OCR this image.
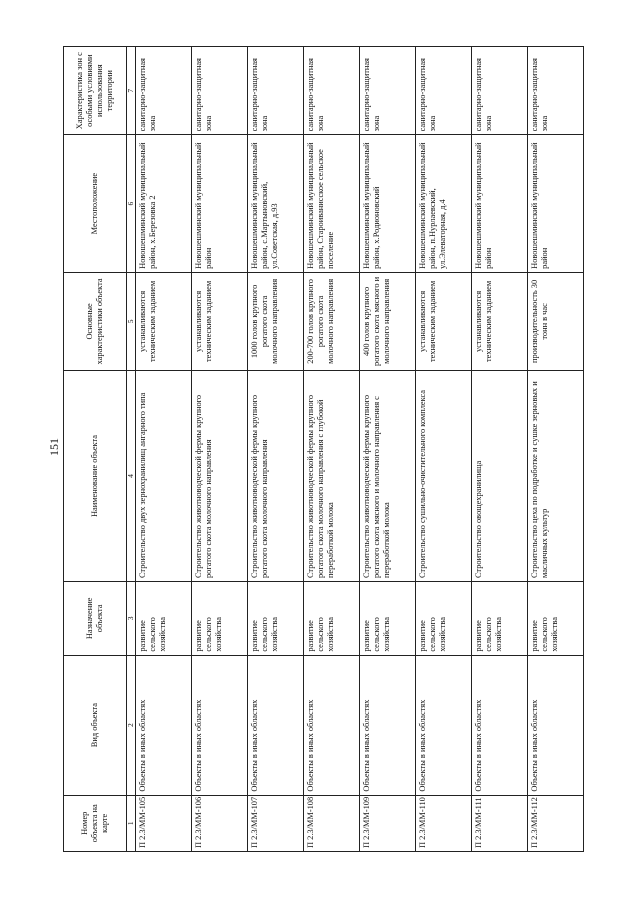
151
Номер объекта на карте	Вид объекта	Назначение объекта	Наименование объекта	Основные характеристики объекта	Местоположение	Характеристика зон с особыми условиями использования территории
1	2	3	4	5	6	7
П 2.3/ММ-105	Объекты в иных областях	развитие сельского хозяйства	Строительство двух зернохранилищ ангарного типа	устанавливаются техническим заданием	Новошешминский муниципальный район, х.Березовка 2	санитарно-защитная зона
П 2.3/ММ-106	Объекты в иных областях	развитие сельского хозяйства	Строительство животноводческой фермы крупного рогатого скота молочного направления	устанавливаются техническим заданием	Новошешминский муниципальный район	санитарно-защитная зона
П 2.3/ММ-107	Объекты в иных областях	развитие сельского хозяйства	Строительство животноводческой фермы крупного рогатого скота молочного направления	1000 голов крупного рогатого скота молочного направления	Новошешминский муниципальный район, с.Мартыновский, ул.Советская, д.93	санитарно-защитная зона
П 2.3/ММ-108	Объекты в иных областях	развитие сельского хозяйства	Строительство животноводческой фермы крупного рогатого скота молочного направления с глубокой переработкой молока	200-700 голов крупного рогатого скота молочного направления	Новошешминский муниципальный район, Староиванисское сельское поселение	санитарно-защитная зона
П 2.3/ММ-109	Объекты в иных областях	развитие сельского хозяйства	Строительство животноводческой фермы крупного рогатого скота мясного и молочного направления с переработкой молока	400 голов крупного рогатого скота мясного и молочного направления	Новошешминский муниципальный район, х.Родионовский	санитарно-защитная зона
П 2.3/ММ-110	Объекты в иных областях	развитие сельского хозяйства	Строительство сушильно-очистительного комплекса	устанавливаются техническим заданием	Новошешминский муниципальный район, п.Нурлаевский, ул.Элеваторная, д.4	санитарно-защитная зона
П 2.3/ММ-111	Объекты в иных областях	развитие сельского хозяйства	Строительство овощехранилища	устанавливаются техническим заданием	Новошешминский муниципальный район	санитарно-защитная зона
П 2.3/ММ-112	Объекты в иных областях	развитие сельского хозяйства	Строительство цеха по подработке и сушке зерновых и масличных культур	производительность 30 тонн в час	Новошешминский муниципальный район	санитарно-защитная зона
